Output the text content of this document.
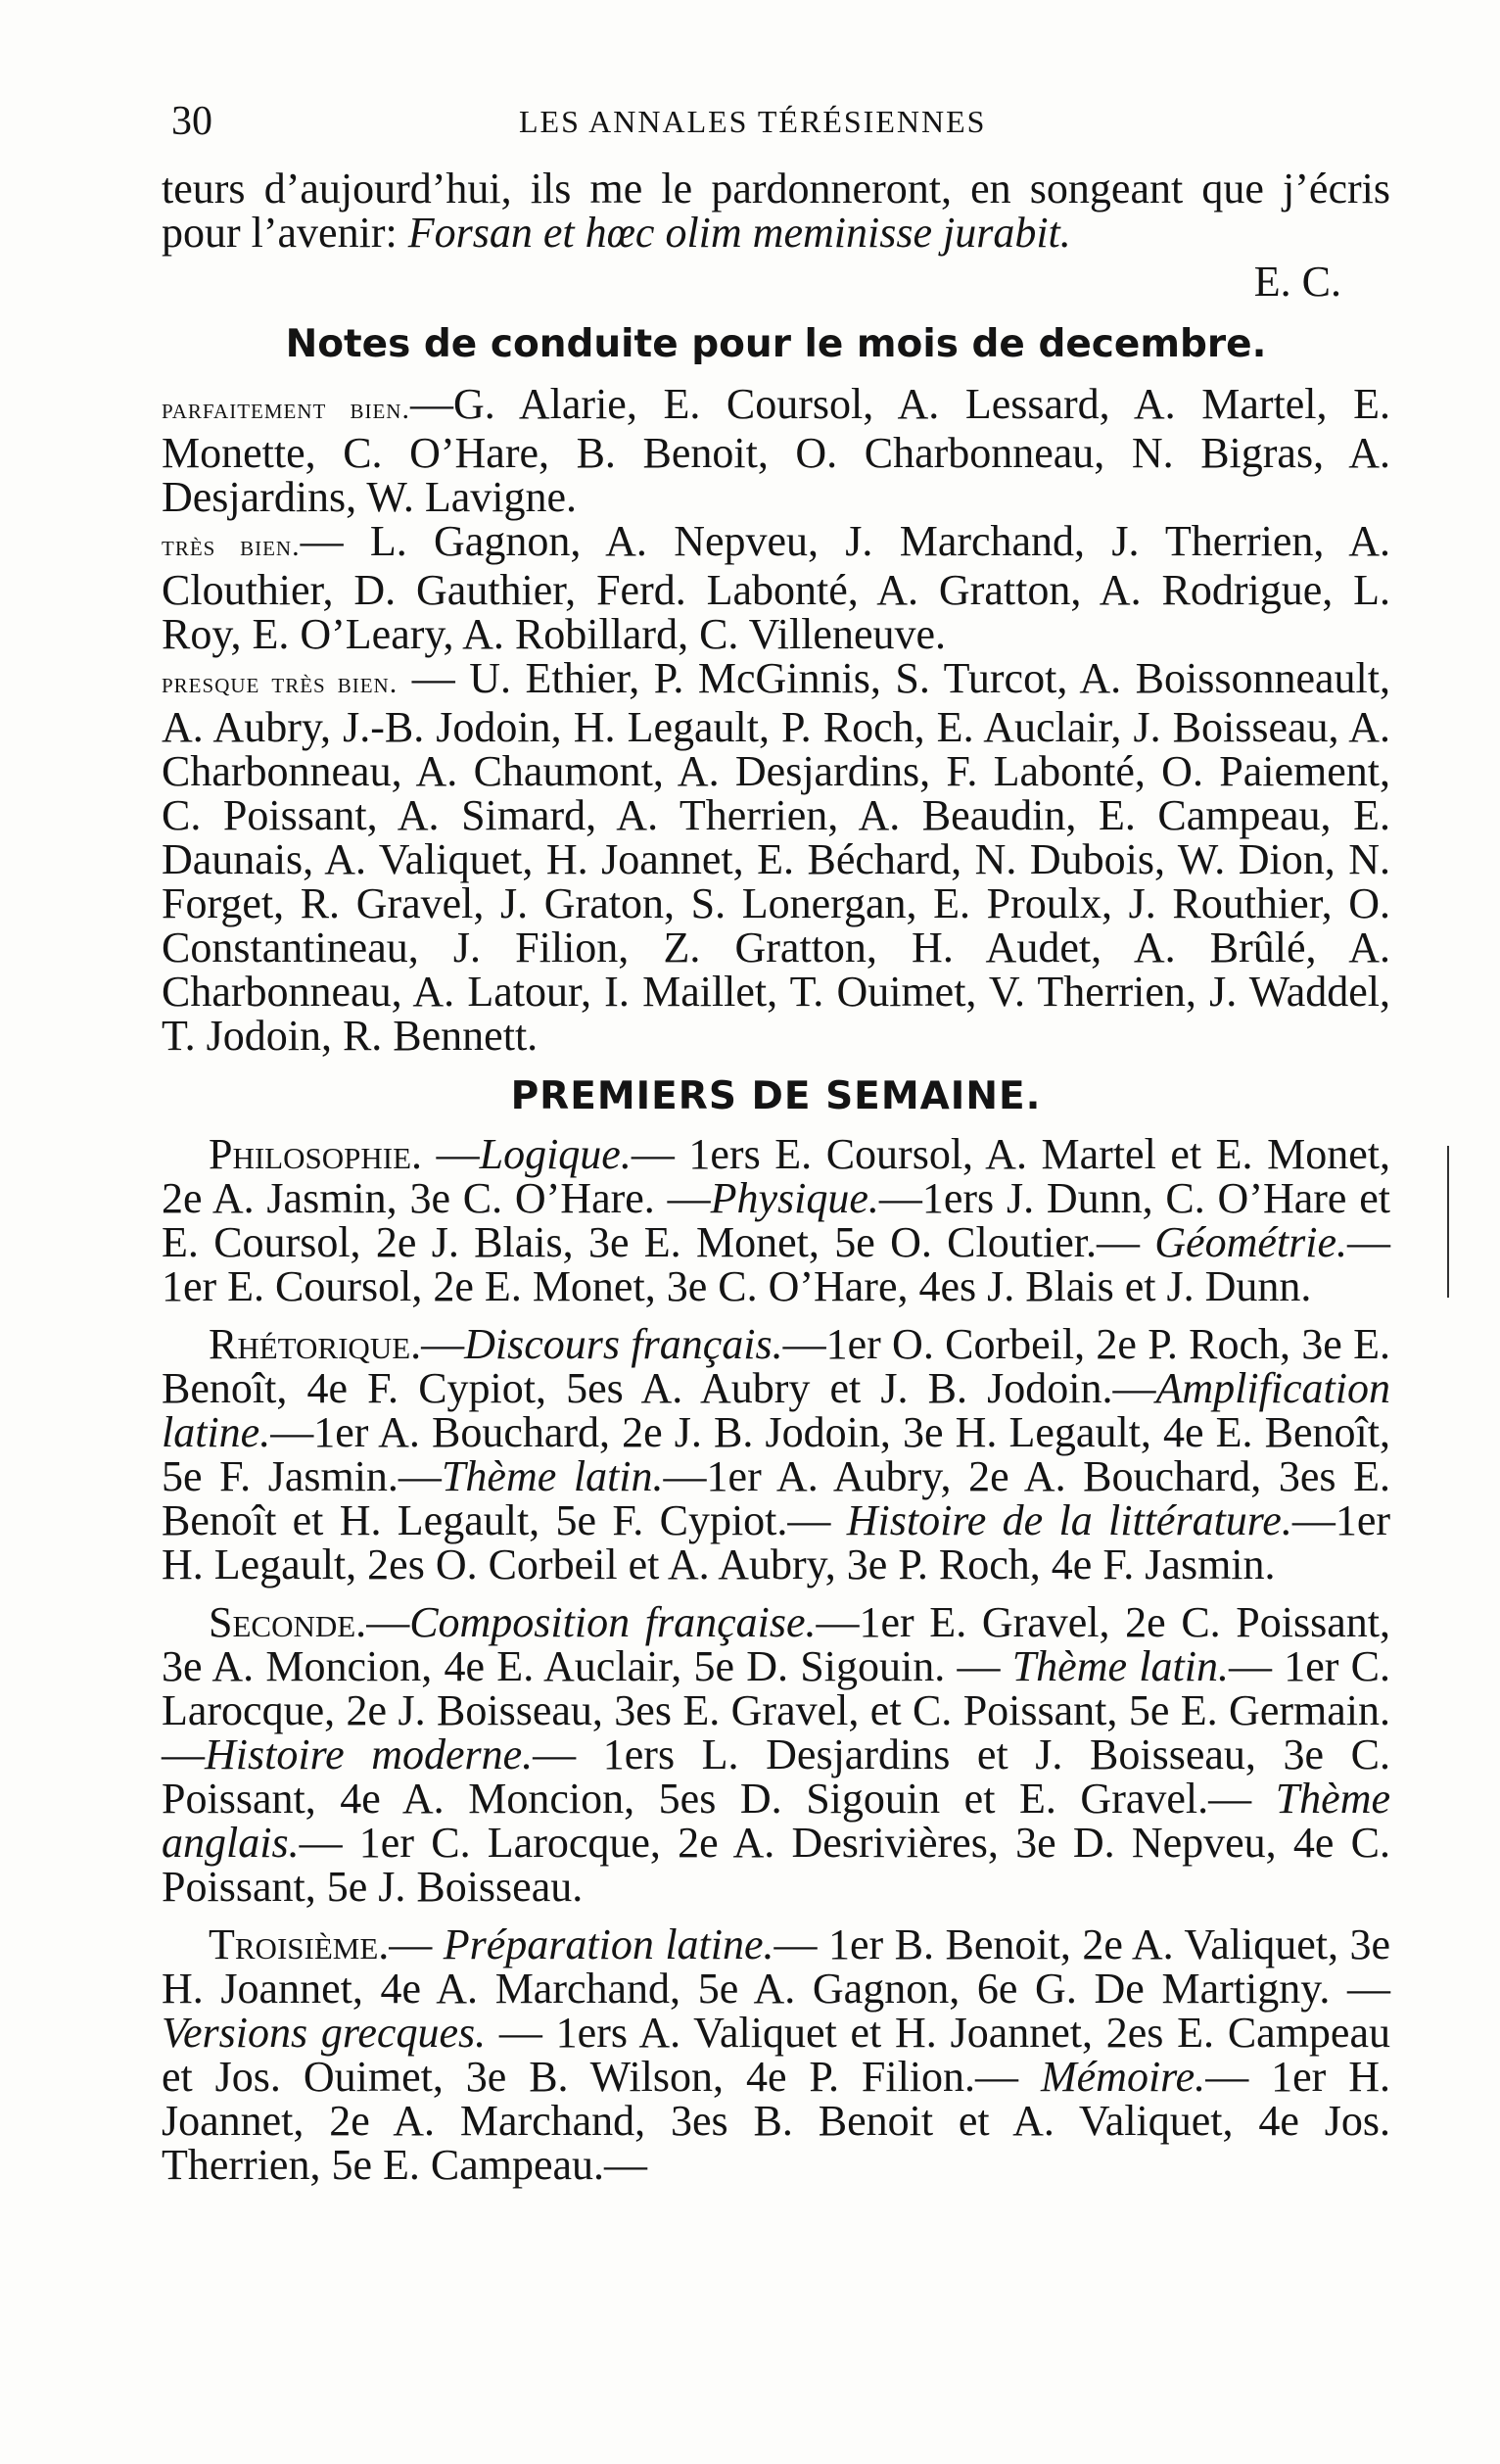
30	LES ANNALES TÉRÉSIENNES

teurs d’aujourd’hui, ils me le pardonneront, en songeant que j’écris pour l’avenir: Forsan et hœc olim meminisse jurabit.

E. C.
Notes de conduite pour le mois de decembre.

parfaitement bien.—G. Alarie, E. Coursol, A. Lessard, A. Martel, E. Monette, C. O’Hare, B. Benoit, O. Charbonneau, N. Bigras, A. Desjardins, W. Lavigne.

très bien.— L. Gagnon, A. Nepveu, J. Marchand, J. Therrien, A. Clouthier, D. Gauthier, Ferd. Labonté, A. Gratton, A. Rodrigue, L. Roy, E. O’Leary, A. Robillard, C. Villeneuve.

presque très bien. — U. Ethier, P. McGinnis, S. Turcot, A. Boissonneault, A. Aubry, J.-B. Jodoin, H. Legault, P. Roch, E. Auclair, J. Boisseau, A. Charbonneau, A. Chaumont, A. Desjardins, F. Labonté, O. Paiement, C. Poissant, A. Simard, A. Therrien, A. Beaudin, E. Campeau, E. Daunais, A. Valiquet, H. Joannet, E. Béchard, N. Dubois, W. Dion, N. Forget, R. Gravel, J. Graton, S. Lonergan, E. Proulx, J. Routhier, O. Constantineau, J. Filion, Z. Gratton, H. Audet, A. Brûlé, A. Charbonneau, A. Latour, I. Maillet, T. Ouimet, V. Therrien, J. Waddel, T. Jodoin, R. Bennett.

PREMIERS DE SEMAINE.

Philosophie. —Logique.— 1ers E. Coursol, A. Martel et E. Monet, 2e A. Jasmin, 3e C. O’Hare. —Physique.—1ers J. Dunn, C. O’Hare et E. Coursol, 2e J. Blais, 3e E. Monet, 5e O. Cloutier.— Géométrie.— 1er E. Coursol, 2e E. Monet, 3e C. O’Hare, 4es J. Blais et J. Dunn.

Rhétorique.—Discours français.—1er O. Corbeil, 2e P. Roch, 3e E. Benoît, 4e F. Cypiot, 5es A. Aubry et J. B. Jodoin.—Amplification latine.—1er A. Bouchard, 2e J. B. Jodoin, 3e H. Legault, 4e E. Benoît, 5e F. Jasmin.—Thème latin.—1er A. Aubry, 2e A. Bouchard, 3es E. Benoît et H. Legault, 5e F. Cypiot.— Histoire de la littérature.—1er H. Legault, 2es O. Corbeil et A. Aubry, 3e P. Roch, 4e F. Jasmin.

Seconde.—Composition française.—1er E. Gravel, 2e C. Poissant, 3e A. Moncion, 4e E. Auclair, 5e D. Sigouin. — Thème latin.— 1er C. Larocque, 2e J. Boisseau, 3es E. Gravel, et C. Poissant, 5e E. Germain.—Histoire moderne.— 1ers L. Desjardins et J. Boisseau, 3e C. Poissant, 4e A. Moncion, 5es D. Sigouin et E. Gravel.— Thème anglais.— 1er C. Larocque, 2e A. Desrivières, 3e D. Nepveu, 4e C. Poissant, 5e J. Boisseau.

Troisième.— Préparation latine.— 1er B. Benoit, 2e A. Valiquet, 3e H. Joannet, 4e A. Marchand, 5e A. Gagnon, 6e G. De Martigny. — Versions grecques. — 1ers A. Valiquet et H. Joannet, 2es E. Campeau et Jos. Ouimet, 3e B. Wilson, 4e P. Filion.— Mémoire.— 1er H. Joannet, 2e A. Marchand, 3es B. Benoit et A. Valiquet, 4e Jos. Therrien, 5e E. Campeau.—
